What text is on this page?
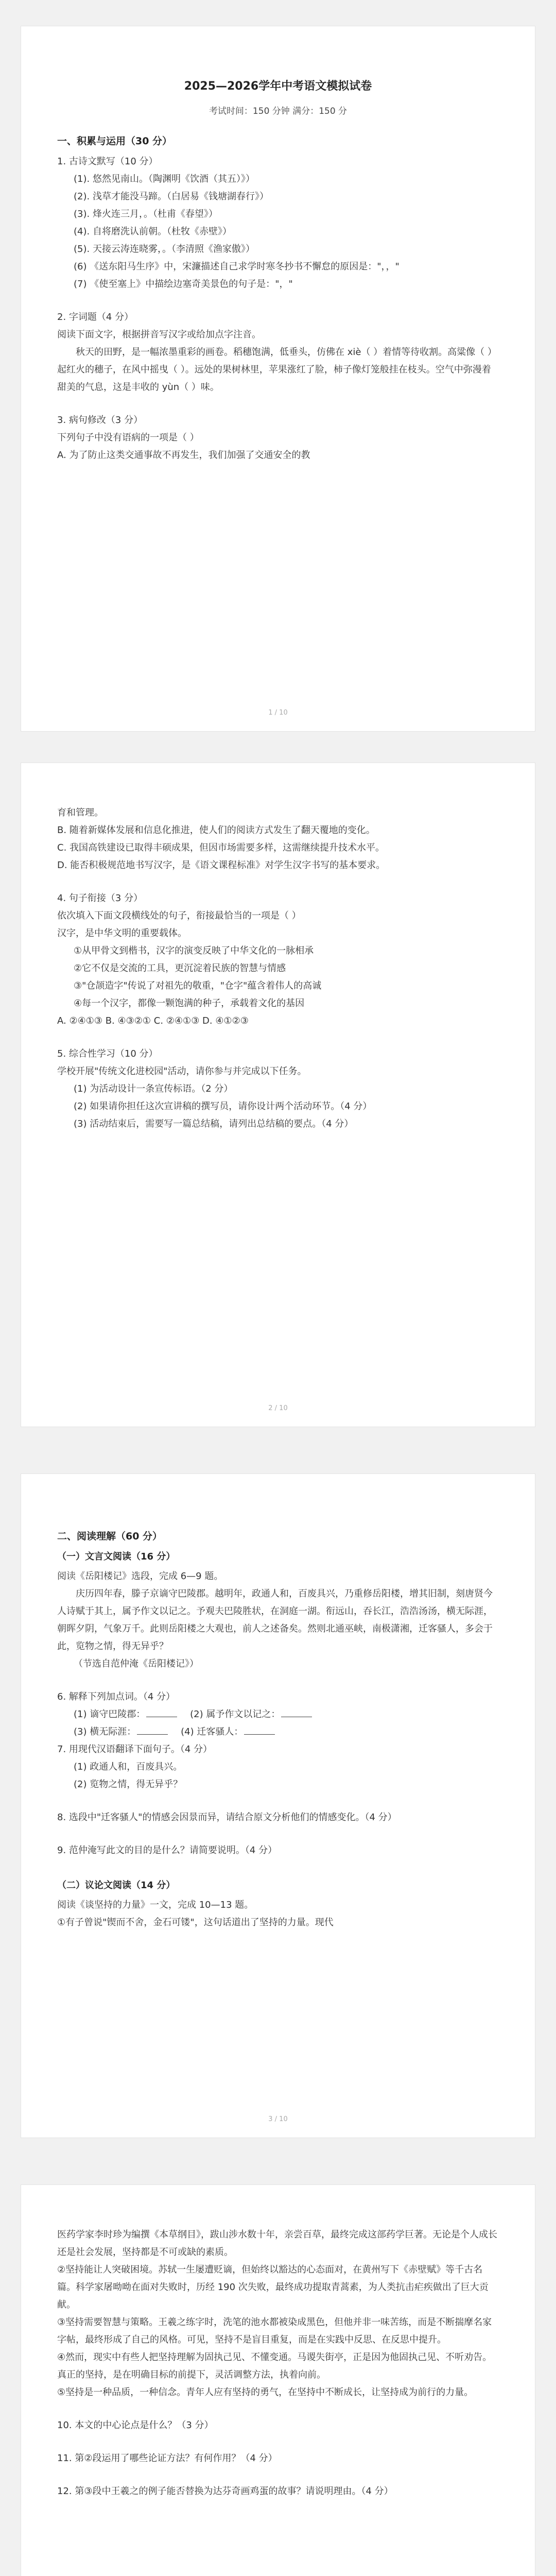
2025—2026学年中考语文模拟试卷
考试时间：150 分钟 满分：150 分
一、积累与运用（30 分）

1. 古诗文默写（10 分）

(1). 悠然见南山。（陶渊明《饮酒（其五）》）

(2). 浅草才能没马蹄。（白居易《钱塘湖春行》）

(3). 烽火连三月，。（杜甫《春望》）

(4). 自将磨洗认前朝。（杜牧《赤壁》）

(5). 天接云涛连晓雾，。（李清照《渔家傲》）

(6) 《送东阳马生序》中，宋濂描述自己求学时寒冬抄书不懈怠的原因是："，，"

(7) 《使至塞上》中描绘边塞奇美景色的句子是："，"

2. 字词题（4 分）

阅读下面文字，根据拼音写汉字或给加点字注音。

秋天的田野，是一幅浓墨重彩的画卷。稻穗饱满，低垂头，仿佛在 xiè（ ）着情等待收割。高粱像（ ）起红火的穗子，在风中摇曳（ ）。远处的果树林里，苹果涨红了脸，柿子像灯笼般挂在枝头。空气中弥漫着甜美的气息，这是丰收的 yùn（ ）味。

3. 病句修改（3 分）

下列句子中没有语病的一项是（ ）

A. 为了防止这类交通事故不再发生，我们加强了交通安全的教

1 / 10

育和管理。

B. 随着新媒体发展和信息化推进，使人们的阅读方式发生了翻天覆地的变化。

C. 我国高铁建设已取得丰硕成果，但因市场需要多样，这需继续提升技术水平。

D. 能否积极规范地书写汉字，是《语文课程标准》对学生汉字书写的基本要求。

4. 句子衔接（3 分）

依次填入下面文段横线处的句子，衔接最恰当的一项是（ ）

汉字，是中华文明的重要载体。

①从甲骨文到楷书，汉字的演变反映了中华文化的一脉相承

②它不仅是交流的工具，更沉淀着民族的智慧与情感

③"仓颉造字"传说了对祖先的敬重，"仓字"蕴含着伟人的高诚

④每一个汉字，都像一颗饱满的种子，承载着文化的基因

A. ②④①③ B. ④③②① C. ②④①③ D. ④①②③

5. 综合性学习（10 分）

学校开展"传统文化进校园"活动，请你参与并完成以下任务。

(1) 为活动设计一条宣传标语。（2 分）

(2) 如果请你担任这次宣讲稿的撰写员，请你设计两个活动环节。（4 分）

(3) 活动结束后，需要写一篇总结稿，请列出总结稿的要点。（4 分）

2 / 10
二、阅读理解（60 分）
（一）文言文阅读（16 分）

阅读《岳阳楼记》选段，完成 6—9 题。

庆历四年春，滕子京谪守巴陵郡。越明年，政通人和，百废具兴，乃重修岳阳楼，增其旧制，刻唐贤今人诗赋于其上，属予作文以记之。予观夫巴陵胜状，在洞庭一湖。衔远山，吞长江，浩浩汤汤，横无际涯，朝晖夕阴，气象万千。此则岳阳楼之大观也，前人之述备矣。然则北通巫峡，南极潇湘，迁客骚人，多会于此，览物之情，得无异乎？

（节选自范仲淹《岳阳楼记》）

6. 解释下列加点词。（4 分）

(1) 谪守巴陵郡：	(2) 属予作文以记之：

(3) 横无际涯：	(4) 迁客骚人：

7. 用现代汉语翻译下面句子。（4 分）

(1) 政通人和，百废具兴。

(2) 览物之情，得无异乎？

8. 选段中"迁客骚人"的情感会因景而异，请结合原文分析他们的情感变化。（4 分）

9. 范仲淹写此文的目的是什么？请简要说明。（4 分）

（二）议论文阅读（14 分）

阅读《谈坚持的力量》一文，完成 10—13 题。

①有子曾说"锲而不舍，金石可镂"，这句话道出了坚持的力量。现代

3 / 10

医药学家李时珍为编撰《本草纲目》，跋山涉水数十年，亲尝百草，最终完成这部药学巨著。无论是个人成长还是社会发展，坚持都是不可或缺的素质。

②坚持能让人突破困境。苏轼一生屡遭贬谪，但始终以豁达的心态面对，在黄州写下《赤壁赋》等千古名篇。科学家屠呦呦在面对失败时，历经 190 次失败，最终成功提取青蒿素，为人类抗击疟疾做出了巨大贡献。

③坚持需要智慧与策略。王羲之练字时，洗笔的池水都被染成黑色，但他并非一味苦练，而是不断揣摩名家字帖，最终形成了自己的风格。可见，坚持不是盲目重复，而是在实践中反思、在反思中提升。

④然而，现实中有些人把坚持理解为固执己见、不懂变通。马谡失街亭，正是因为他固执己见、不听劝告。真正的坚持，是在明确目标的前提下，灵活调整方法，执着向前。

⑤坚持是一种品质，一种信念。青年人应有坚持的勇气，在坚持中不断成长，让坚持成为前行的力量。

10. 本文的中心论点是什么？（3 分）

11. 第②段运用了哪些论证方法？有何作用？（4 分）

12. 第③段中王羲之的例子能否替换为达芬奇画鸡蛋的故事？请说明理由。（4 分）
